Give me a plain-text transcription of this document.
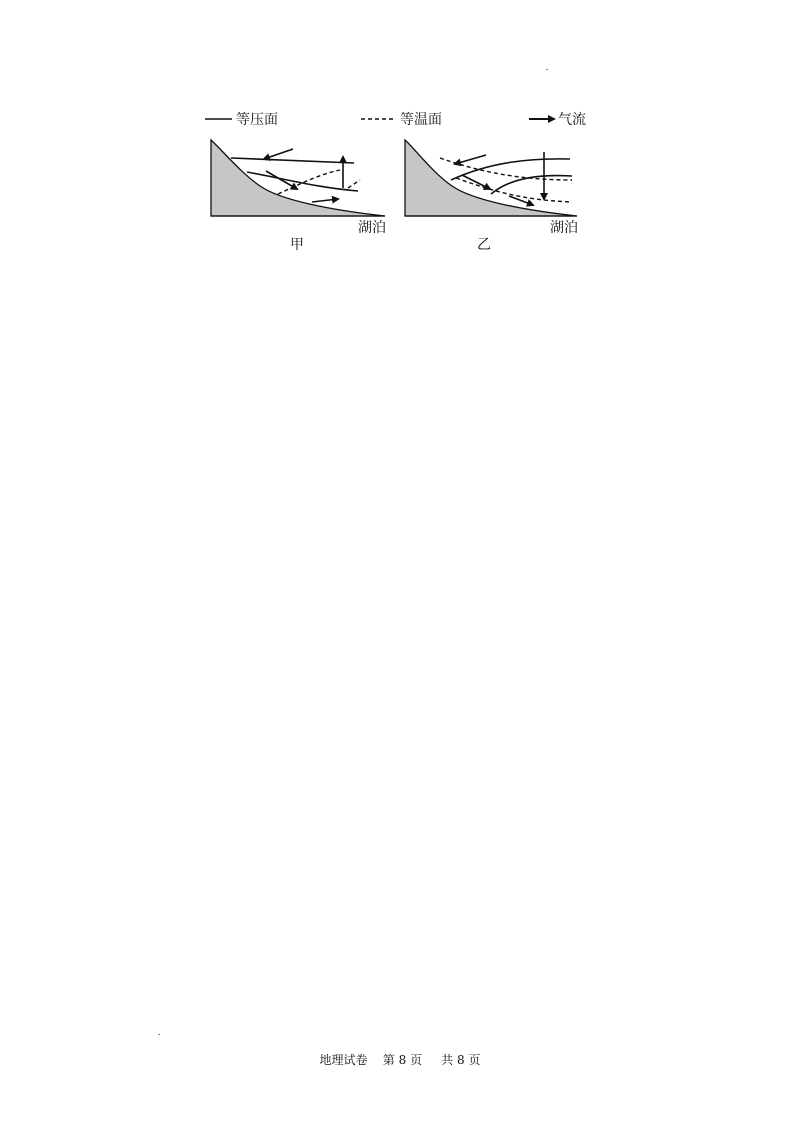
等压面	等温面	气流
湖泊
甲
湖泊
乙
地理试卷 第 8 页 共 8 页
